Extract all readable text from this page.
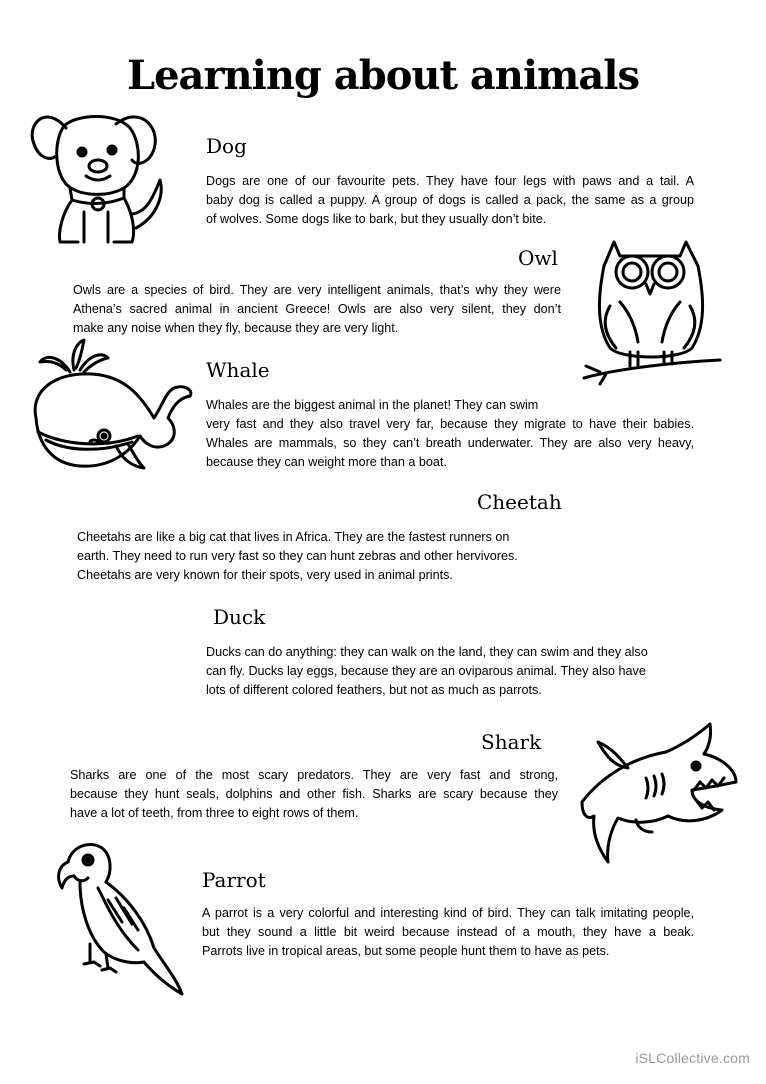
Learning about animals
Dog

Dogs are one of our favourite pets. They have four legs with paws and a tail. A
baby dog is called a puppy. A group of dogs is called a pack, the same as a group
of wolves. Some dogs like to bark, but they usually don’t bite.

Owl

Owls are a species of bird. They are very intelligent animals, that’s why they were
Athena’s sacred animal in ancient Greece! Owls are also very silent, they don’t
make any noise when they fly, because they are very light.

Whale

Whales are the biggest animal in the planet! They can swim
very fast and they also travel very far, because they migrate to have their babies.
Whales are mammals, so they can’t breath underwater. They are also very heavy,
because they can weight more than a boat.

Cheetah

Cheetahs are like a big cat that lives in Africa. They are the fastest runners on
earth. They need to run very fast so they can hunt zebras and other hervivores.
Cheetahs are very known for their spots, very used in animal prints.

Duck

Ducks can do anything: they can walk on the land, they can swim and they also
can fly. Ducks lay eggs, because they are an oviparous animal. They also have
lots of different colored feathers, but not as much as parrots.

Shark

Sharks are one of the most scary predators. They are very fast and strong,
because they hunt seals, dolphins and other fish. Sharks are scary because they
have a lot of teeth, from three to eight rows of them.

Parrot

A parrot is a very colorful and interesting kind of bird. They can talk imitating people,
but they sound a little bit weird because instead of a mouth, they have a beak.
Parrots live in tropical areas, but some people hunt them to have as pets.

iSLCollective.com
